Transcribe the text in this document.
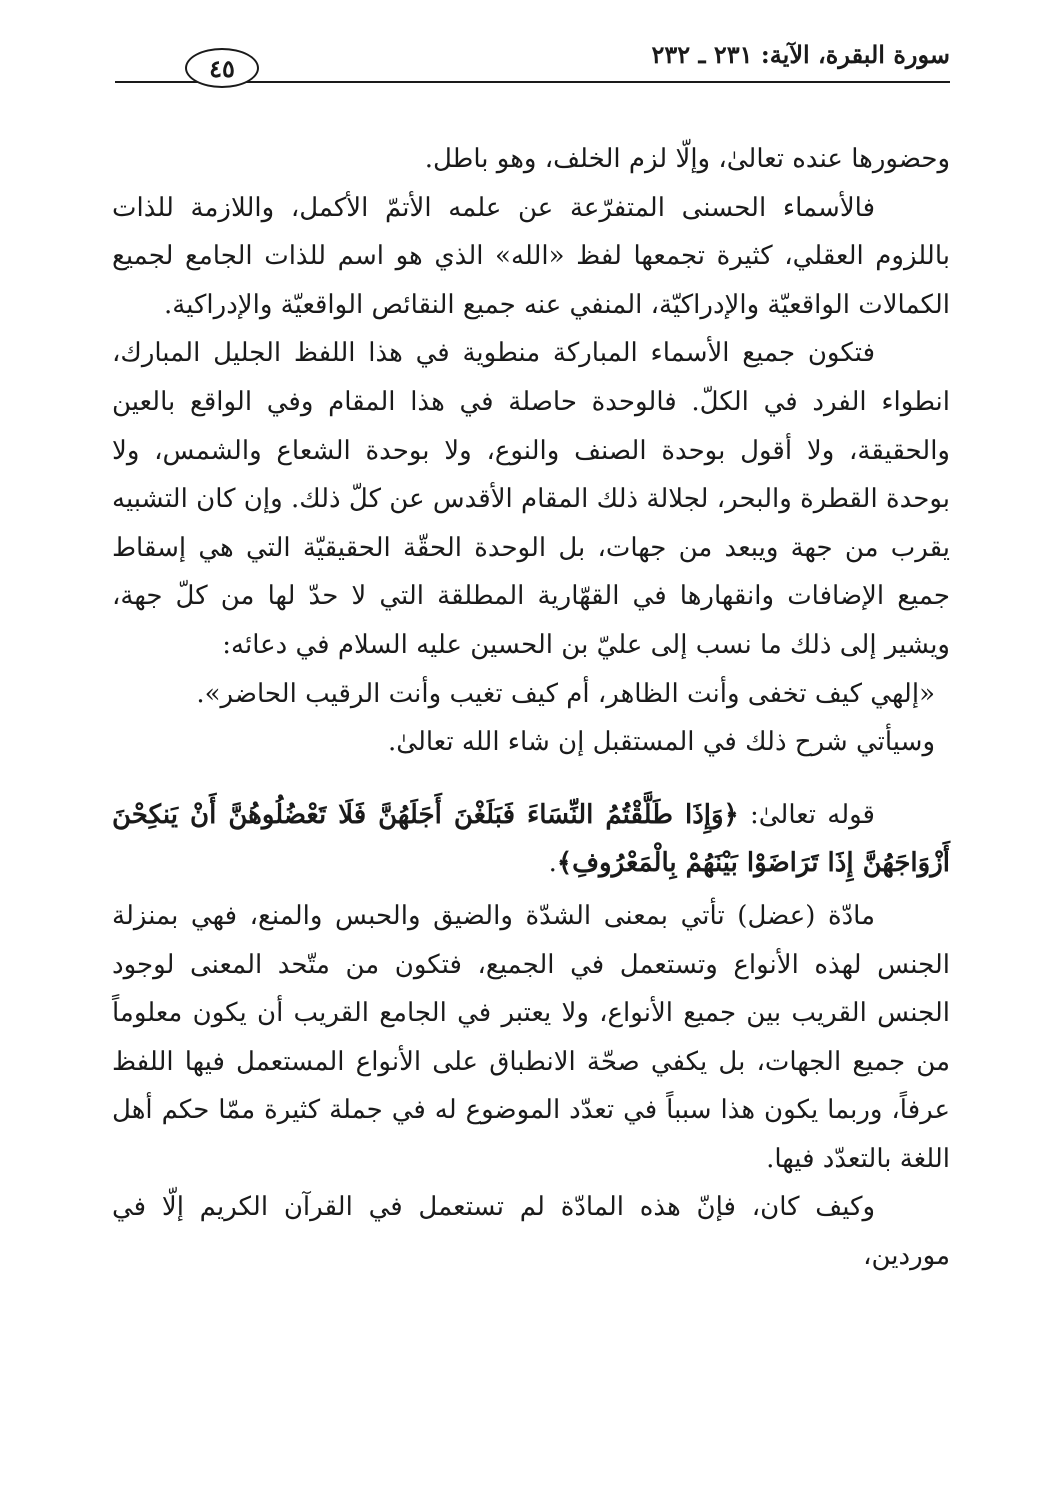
سورة البقرة، الآية: ٢٣١ ـ ٢٣٢
٤٥

وحضورها عنده تعالىٰ، وإلّا لزم الخلف، وهو باطل.

فالأسماء الحسنى المتفرّعة عن علمه الأتمّ الأكمل، واللازمة للذات باللزوم العقلي، كثيرة تجمعها لفظ «الله» الذي هو اسم للذات الجامع لجميع الكمالات الواقعيّة والإدراكيّة، المنفي عنه جميع النقائص الواقعيّة والإدراكية.

فتكون جميع الأسماء المباركة منطوية في هذا اللفظ الجليل المبارك، انطواء الفرد في الكلّ. فالوحدة حاصلة في هذا المقام وفي الواقع بالعين والحقيقة، ولا أقول بوحدة الصنف والنوع، ولا بوحدة الشعاع والشمس، ولا بوحدة القطرة والبحر، لجلالة ذلك المقام الأقدس عن كلّ ذلك. وإن كان التشبيه يقرب من جهة ويبعد من جهات، بل الوحدة الحقّة الحقيقيّة التي هي إسقاط جميع الإضافات وانقهارها في القهّارية المطلقة التي لا حدّ لها من كلّ جهة، ويشير إلى ذلك ما نسب إلى عليّ بن الحسين عليه السلام في دعائه:

«إلهي كيف تخفى وأنت الظاهر، أم كيف تغيب وأنت الرقيب الحاضر».

وسيأتي شرح ذلك في المستقبل إن شاء الله تعالىٰ.

قوله تعالىٰ: ﴿وَإِذَا طَلَّقْتُمُ النِّسَاءَ فَبَلَغْنَ أَجَلَهُنَّ فَلَا تَعْضُلُوهُنَّ أَنْ يَنكِحْنَ أَزْوَاجَهُنَّ إِذَا تَرَاضَوْا بَيْنَهُمْ بِالْمَعْرُوفِ﴾.

مادّة (عضل) تأتي بمعنى الشدّة والضيق والحبس والمنع، فهي بمنزلة الجنس لهذه الأنواع وتستعمل في الجميع، فتكون من متّحد المعنى لوجود الجنس القريب بين جميع الأنواع، ولا يعتبر في الجامع القريب أن يكون معلوماً من جميع الجهات، بل يكفي صحّة الانطباق على الأنواع المستعمل فيها اللفظ عرفاً، وربما يكون هذا سبباً في تعدّد الموضوع له في جملة كثيرة ممّا حكم أهل اللغة بالتعدّد فيها.

وكيف كان، فإنّ هذه المادّة لم تستعمل في القرآن الكريم إلّا في موردين،
